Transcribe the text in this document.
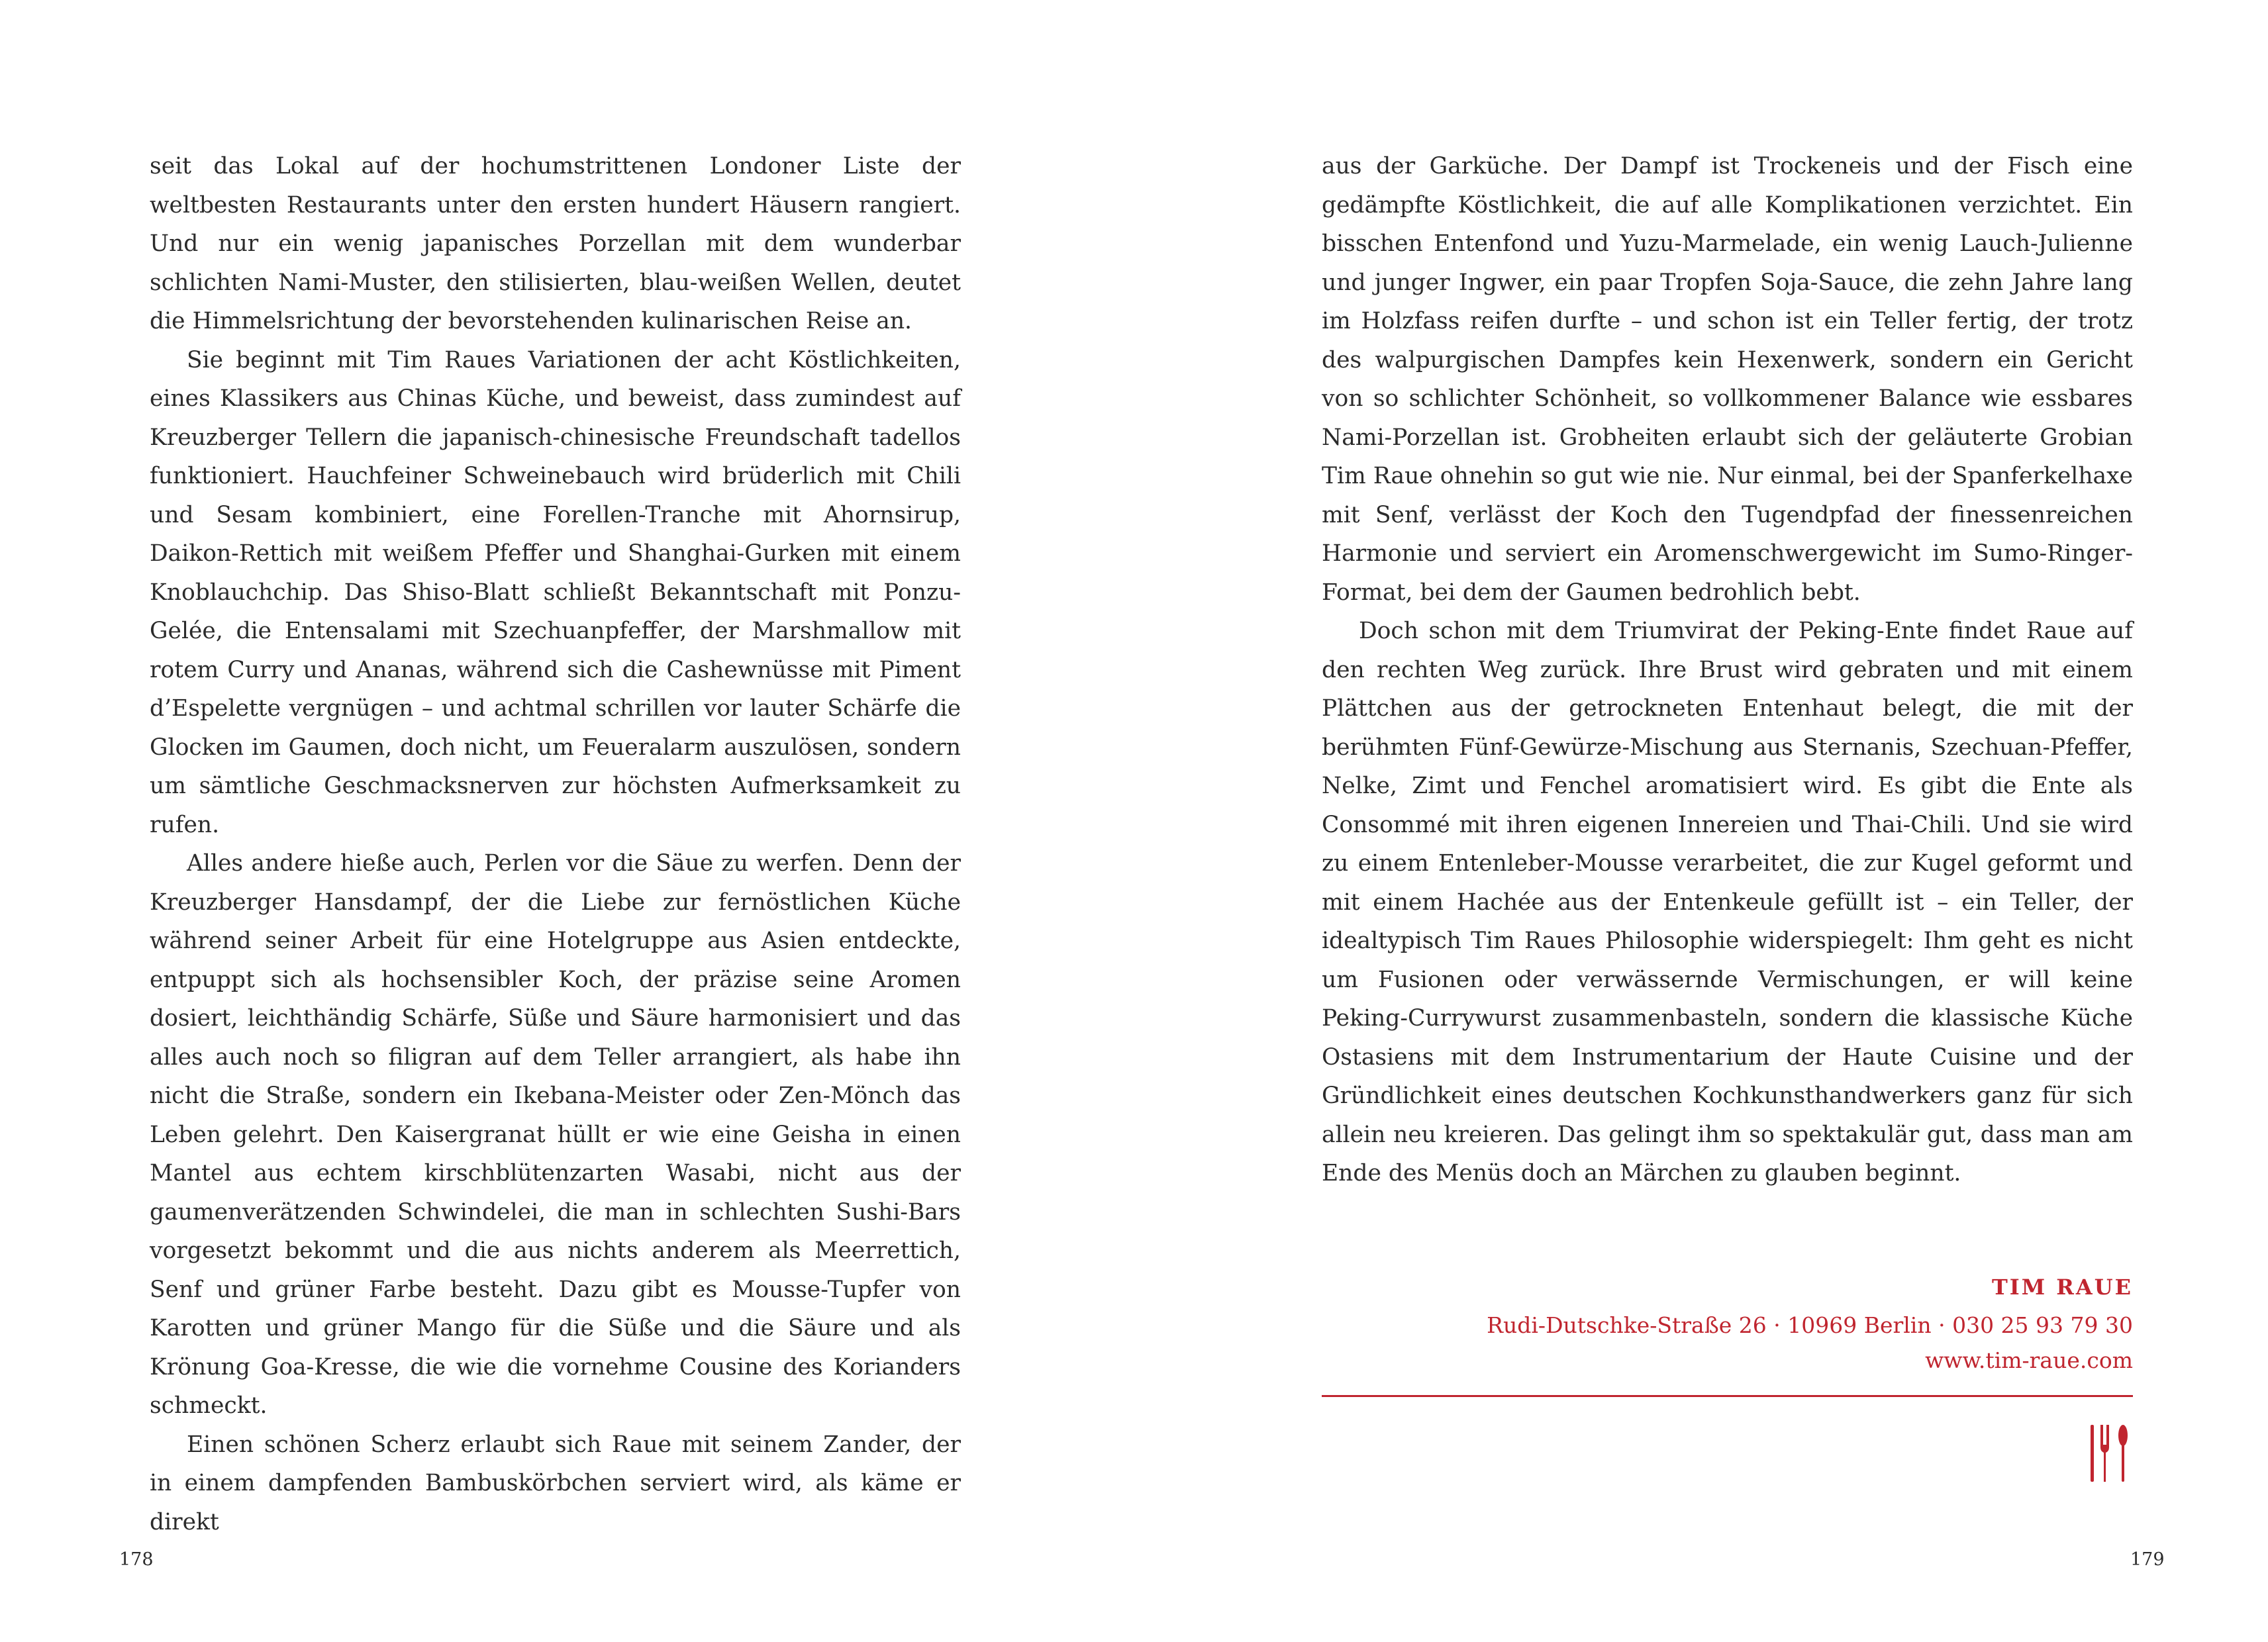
seit das Lokal auf der hochumstrittenen Londoner Liste der weltbesten Restaurants unter den ersten hundert Häusern rangiert. Und nur ein wenig japanisches Porzellan mit dem wunderbar schlichten Nami-Muster, den stilisierten, blau-weißen Wellen, deutet die Himmelsrichtung der bevorstehenden kulinarischen Reise an.

Sie beginnt mit Tim Raues Variationen der acht Köstlichkeiten, eines Klassikers aus Chinas Küche, und beweist, dass zumindest auf Kreuzberger Tellern die japanisch-chinesische Freundschaft tadellos funktioniert. Hauchfeiner Schweinebauch wird brüderlich mit Chili und Sesam kombiniert, eine Forellen-Tranche mit Ahornsirup, Daikon-Rettich mit weißem Pfeffer und Shanghai-Gurken mit einem Knoblauchchip. Das Shiso-Blatt schließt Bekanntschaft mit Ponzu-Gelée, die Entensalami mit Szechuanpfeffer, der Marshmallow mit rotem Curry und Ananas, während sich die Cashewnüsse mit Piment d’Espelette vergnügen – und achtmal schrillen vor lauter Schärfe die Glocken im Gaumen, doch nicht, um Feueralarm auszulösen, sondern um sämtliche Geschmacksnerven zur höchsten Aufmerksamkeit zu rufen.

Alles andere hieße auch, Perlen vor die Säue zu werfen. Denn der Kreuzberger Hansdampf, der die Liebe zur fernöstlichen Küche während seiner Arbeit für eine Hotelgruppe aus Asien entdeckte, entpuppt sich als hochsensibler Koch, der präzise seine Aromen dosiert, leichthändig Schärfe, Süße und Säure harmonisiert und das alles auch noch so filigran auf dem Teller arrangiert, als habe ihn nicht die Straße, sondern ein Ikebana-Meister oder Zen-Mönch das Leben gelehrt. Den Kaisergranat hüllt er wie eine Geisha in einen Mantel aus echtem kirschblütenzarten Wasabi, nicht aus der gaumenverätzenden Schwindelei, die man in schlechten Sushi-Bars vorgesetzt bekommt und die aus nichts anderem als Meerrettich, Senf und grüner Farbe besteht. Dazu gibt es Mousse-Tupfer von Karotten und grüner Mango für die Süße und die Säure und als Krönung Goa-Kresse, die wie die vornehme Cousine des Korianders schmeckt.

Einen schönen Scherz erlaubt sich Raue mit seinem Zander, der in einem dampfenden Bambuskörbchen serviert wird, als käme er direkt

aus der Garküche. Der Dampf ist Trockeneis und der Fisch eine gedämpfte Köstlichkeit, die auf alle Komplikationen verzichtet. Ein bisschen Entenfond und Yuzu-Marmelade, ein wenig Lauch-Julienne und junger Ingwer, ein paar Tropfen Soja-Sauce, die zehn Jahre lang im Holzfass reifen durfte – und schon ist ein Teller fertig, der trotz des walpurgischen Dampfes kein Hexenwerk, sondern ein Gericht von so schlichter Schönheit, so vollkommener Balance wie essbares Nami-Porzellan ist. Grobheiten erlaubt sich der geläuterte Grobian Tim Raue ohnehin so gut wie nie. Nur einmal, bei der Spanferkelhaxe mit Senf, verlässt der Koch den Tugendpfad der finessenreichen Harmonie und serviert ein Aromenschwergewicht im Sumo-Ringer-Format, bei dem der Gaumen bedrohlich bebt.

Doch schon mit dem Triumvirat der Peking-Ente findet Raue auf den rechten Weg zurück. Ihre Brust wird gebraten und mit einem Plättchen aus der getrockneten Entenhaut belegt, die mit der berühmten Fünf-Gewürze-Mischung aus Sternanis, Szechuan-Pfeffer, Nelke, Zimt und Fenchel aromatisiert wird. Es gibt die Ente als Consommé mit ihren eigenen Innereien und Thai-Chili. Und sie wird zu einem Entenleber-Mousse verarbeitet, die zur Kugel geformt und mit einem Hachée aus der Entenkeule gefüllt ist – ein Teller, der idealtypisch Tim Raues Philosophie widerspiegelt: Ihm geht es nicht um Fusionen oder verwässernde Vermischungen, er will keine Peking-Currywurst zusammenbasteln, sondern die klassische Küche Ostasiens mit dem Instrumentarium der Haute Cuisine und der Gründlichkeit eines deutschen Kochkunsthandwerkers ganz für sich allein neu kreieren. Das gelingt ihm so spektakulär gut, dass man am Ende des Menüs doch an Märchen zu glauben beginnt.

TIM RAUE
Rudi-Dutschke-Straße 26 · 10969 Berlin · 030 25 93 79 30
www.tim-raue.com
178	179
